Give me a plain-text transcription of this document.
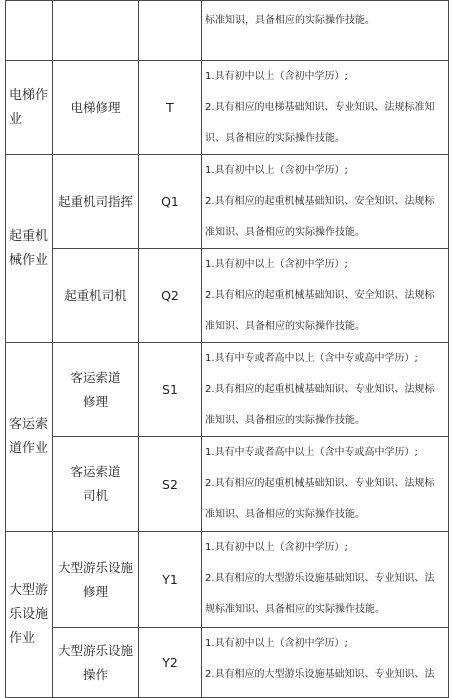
			标准知识，具备相应的实际操作技能。

电梯作业	电梯修理	T	1.具有初中以上（含初中学历）;

2.具有相应的电梯基础知识、专业知识、法规标准知

识、具备相应的实际操作技能。

起重机械作业	起重机司指挥	Q1	1.具有初中以上（含初中学历）;

2.具有相应的起重机械基础知识、安全知识、法规标

准知识、具备相应的实际操作技能。

	起重机司机	Q2	1.具有初中以上（含初中学历）;

2.具有相应的起重机械基础知识、安全知识、法规标

准知识、具备相应的实际操作技能。

客运索道作业	客运索道修理	S1	1.具有中专或者高中以上（含中专或高中学历）;

2.具有相应的起重机械基础知识、专业知识、法规标

准知识、具备相应的实际操作技能。

	客运索道司机	S2	1.具有中专或者高中以上（含中专或高中学历）;

2.具有相应的起重机械基础知识、专业知识、法规标

准知识、具备相应的实际操作技能。

大型游乐设施作业	大型游乐设施修理	Y1	1.具有初中以上（含初中学历）;

2.具有相应的大型游乐设施基础知识、专业知识、法

规标准知识、具备相应的实际操作技能。

	大型游乐设施操作	Y2	1.具有初中以上（含初中学历）;

2.具有相应的大型游乐设施基础知识、专业知识、法
